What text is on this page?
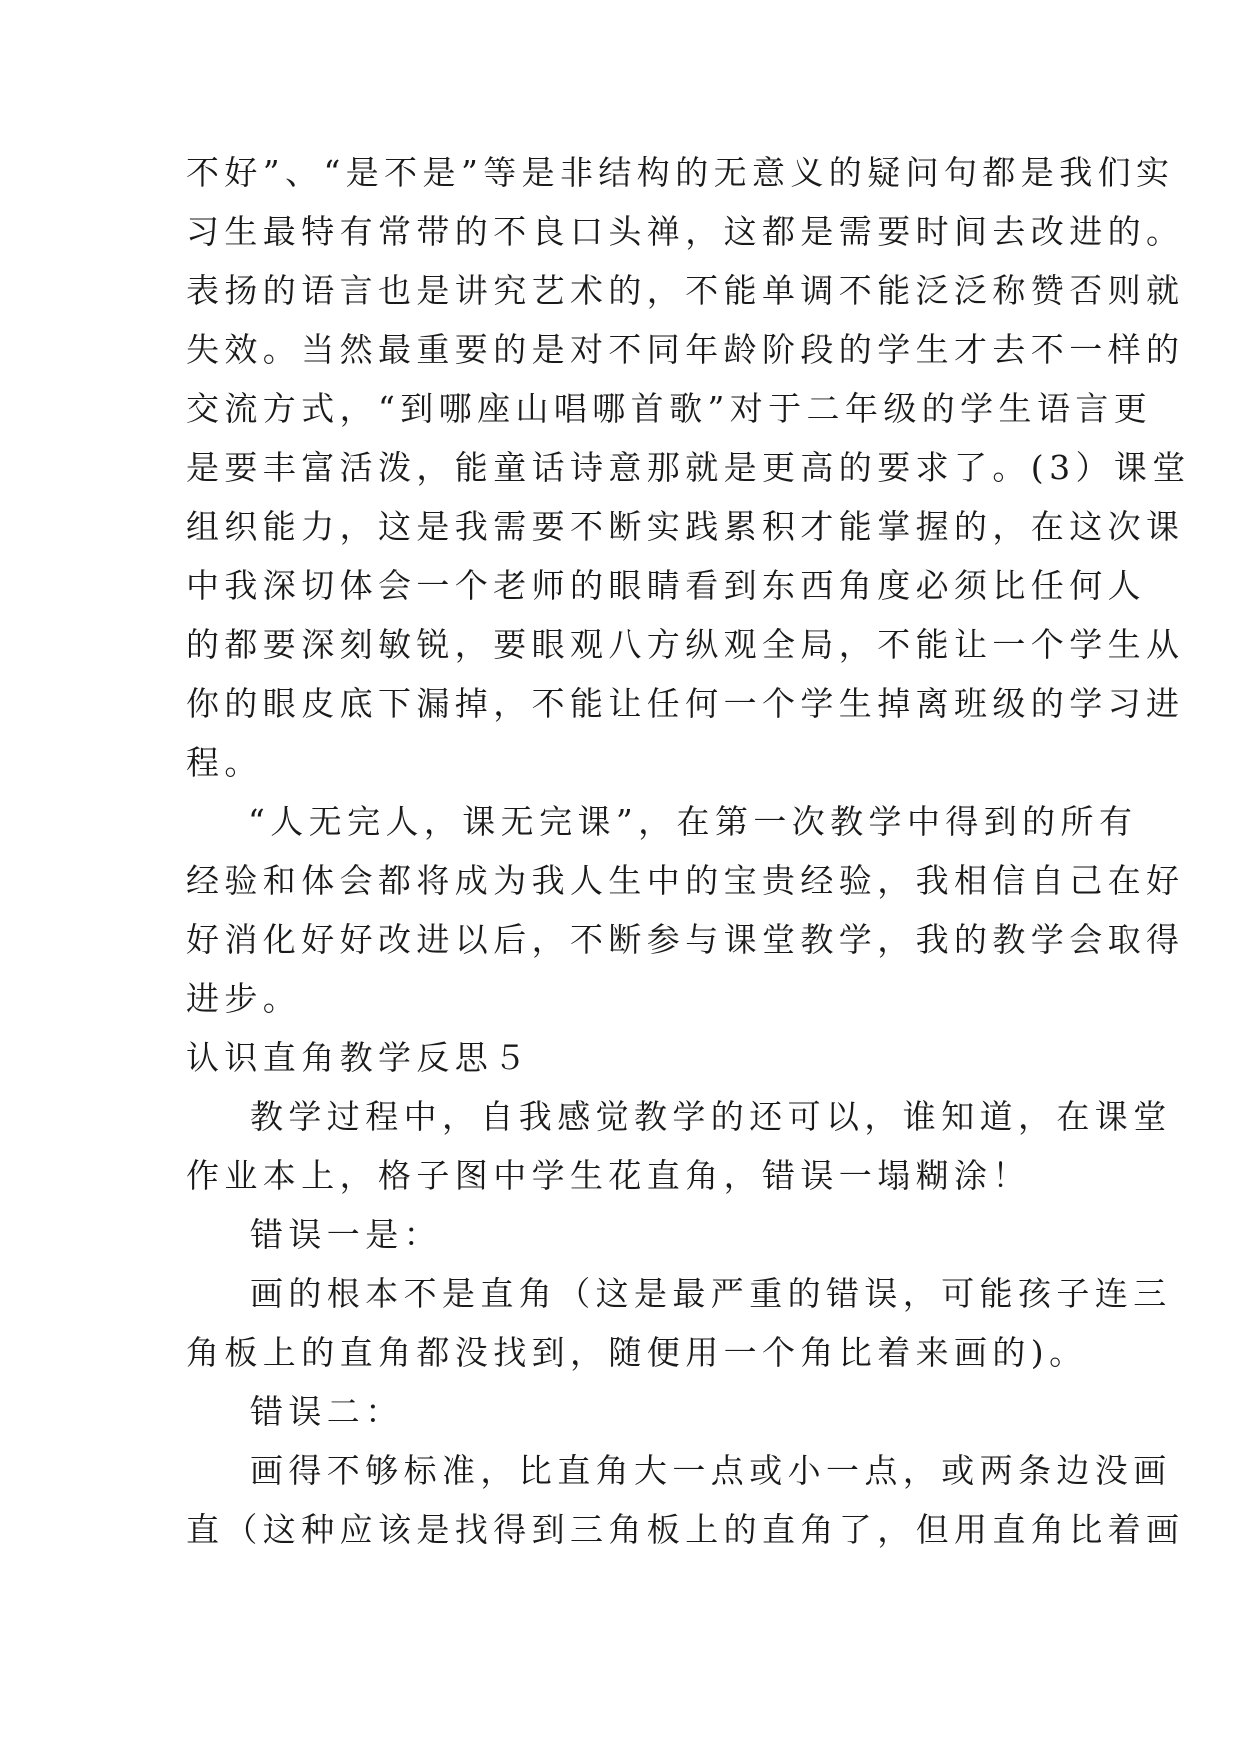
不好”、“是不是”等是非结构的无意义的疑问句都是我们实
习生最特有常带的不良口头禅，这都是需要时间去改进的。
表扬的语言也是讲究艺术的，不能单调不能泛泛称赞否则就
失效。当然最重要的是对不同年龄阶段的学生才去不一样的
交流方式，“到哪座山唱哪首歌”对于二年级的学生语言更
是要丰富活泼，能童话诗意那就是更高的要求了。(3）课堂
组织能力，这是我需要不断实践累积才能掌握的，在这次课
中我深切体会一个老师的眼睛看到东西角度必须比任何人
的都要深刻敏锐，要眼观八方纵观全局，不能让一个学生从
你的眼皮底下漏掉，不能让任何一个学生掉离班级的学习进
程。
“人无完人，课无完课”，在第一次教学中得到的所有
经验和体会都将成为我人生中的宝贵经验，我相信自己在好
好消化好好改进以后，不断参与课堂教学，我的教学会取得
进步。
认识直角教学反思５
教学过程中，自我感觉教学的还可以，谁知道，在课堂
作业本上，格子图中学生花直角，错误一塌糊涂！
错误一是：
画的根本不是直角（这是最严重的错误，可能孩子连三
角板上的直角都没找到，随便用一个角比着来画的)。
错误二：
画得不够标准，比直角大一点或小一点，或两条边没画
直（这种应该是找得到三角板上的直角了，但用直角比着画
